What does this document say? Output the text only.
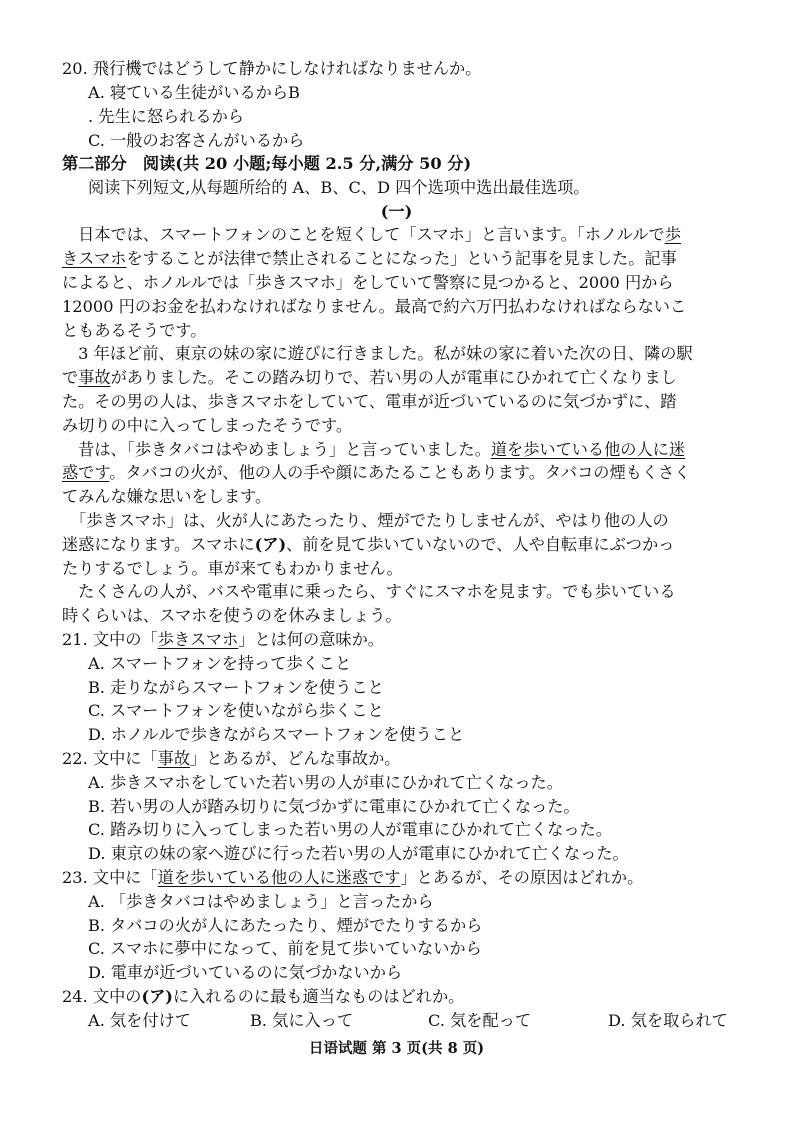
20. 飛行機ではどうして静かにしなければなりませんか。
A. 寝ている生徒がいるからB
. 先生に怒られるから
C. 一般のお客さんがいるから
第二部分　阅读(共 20 小题;每小题 2.5 分,满分 50 分)
阅读下列短文,从每题所给的 A、B、C、D 四个选项中选出最佳选项。
(一)
　日本では、スマートフォンのことを短くして「スマホ」と言います。「ホノルルで歩
きスマホをすることが法律で禁止されることになった」という記事を見ました。記事
によると、ホノルルでは「歩きスマホ」をしていて警察に見つかると、2000 円から
12000 円のお金を払わなければなりません。最高で約六万円払わなければならないこ
ともあるそうです。
　3 年ほど前、東京の妹の家に遊びに行きました。私が妹の家に着いた次の日、隣の駅
で事故がありました。そこの踏み切りで、若い男の人が電車にひかれて亡くなりまし
た。その男の人は、歩きスマホをしていて、電車が近づいているのに気づかずに、踏
み切りの中に入ってしまったそうです。
　昔は、「歩きタバコはやめましょう」と言っていました。道を歩いている他の人に迷
惑です。タバコの火が、他の人の手や顔にあたることもあります。タバコの煙もくさく
てみんな嫌な思いをします。
　「歩きスマホ」は、火が人にあたったり、煙がでたりしませんが、やはり他の人の
迷惑になります。スマホに(ア)、前を見て歩いていないので、人や自転車にぶつかっ
たりするでしょう。車が来てもわかりません。
　たくさんの人が、バスや電車に乗ったら、すぐにスマホを見ます。でも歩いている
時くらいは、スマホを使うのを休みましょう。
21. 文中の「歩きスマホ」とは何の意味か。
A. スマートフォンを持って歩くこと
B. 走りながらスマートフォンを使うこと
C. スマートフォンを使いながら歩くこと
D. ホノルルで歩きながらスマートフォンを使うこと
22. 文中に「事故」とあるが、どんな事故か。
A. 歩きスマホをしていた若い男の人が車にひかれて亡くなった。
B. 若い男の人が踏み切りに気づかずに電車にひかれて亡くなった。
C. 踏み切りに入ってしまった若い男の人が電車にひかれて亡くなった。
D. 東京の妹の家へ遊びに行った若い男の人が電車にひかれて亡くなった。
23. 文中に「道を歩いている他の人に迷惑です」とあるが、その原因はどれか。
A. 「歩きタバコはやめましょう」と言ったから
B. タバコの火が人にあたったり、煙がでたりするから
C. スマホに夢中になって、前を見て歩いていないから
D. 電車が近づいているのに気づかないから
24. 文中の(ア)に入れるのに最も適当なものはどれか。
A. 気を付けて	B. 気に入って	C. 気を配って	D. 気を取られて
日语试题 第 3 页(共 8 页)
